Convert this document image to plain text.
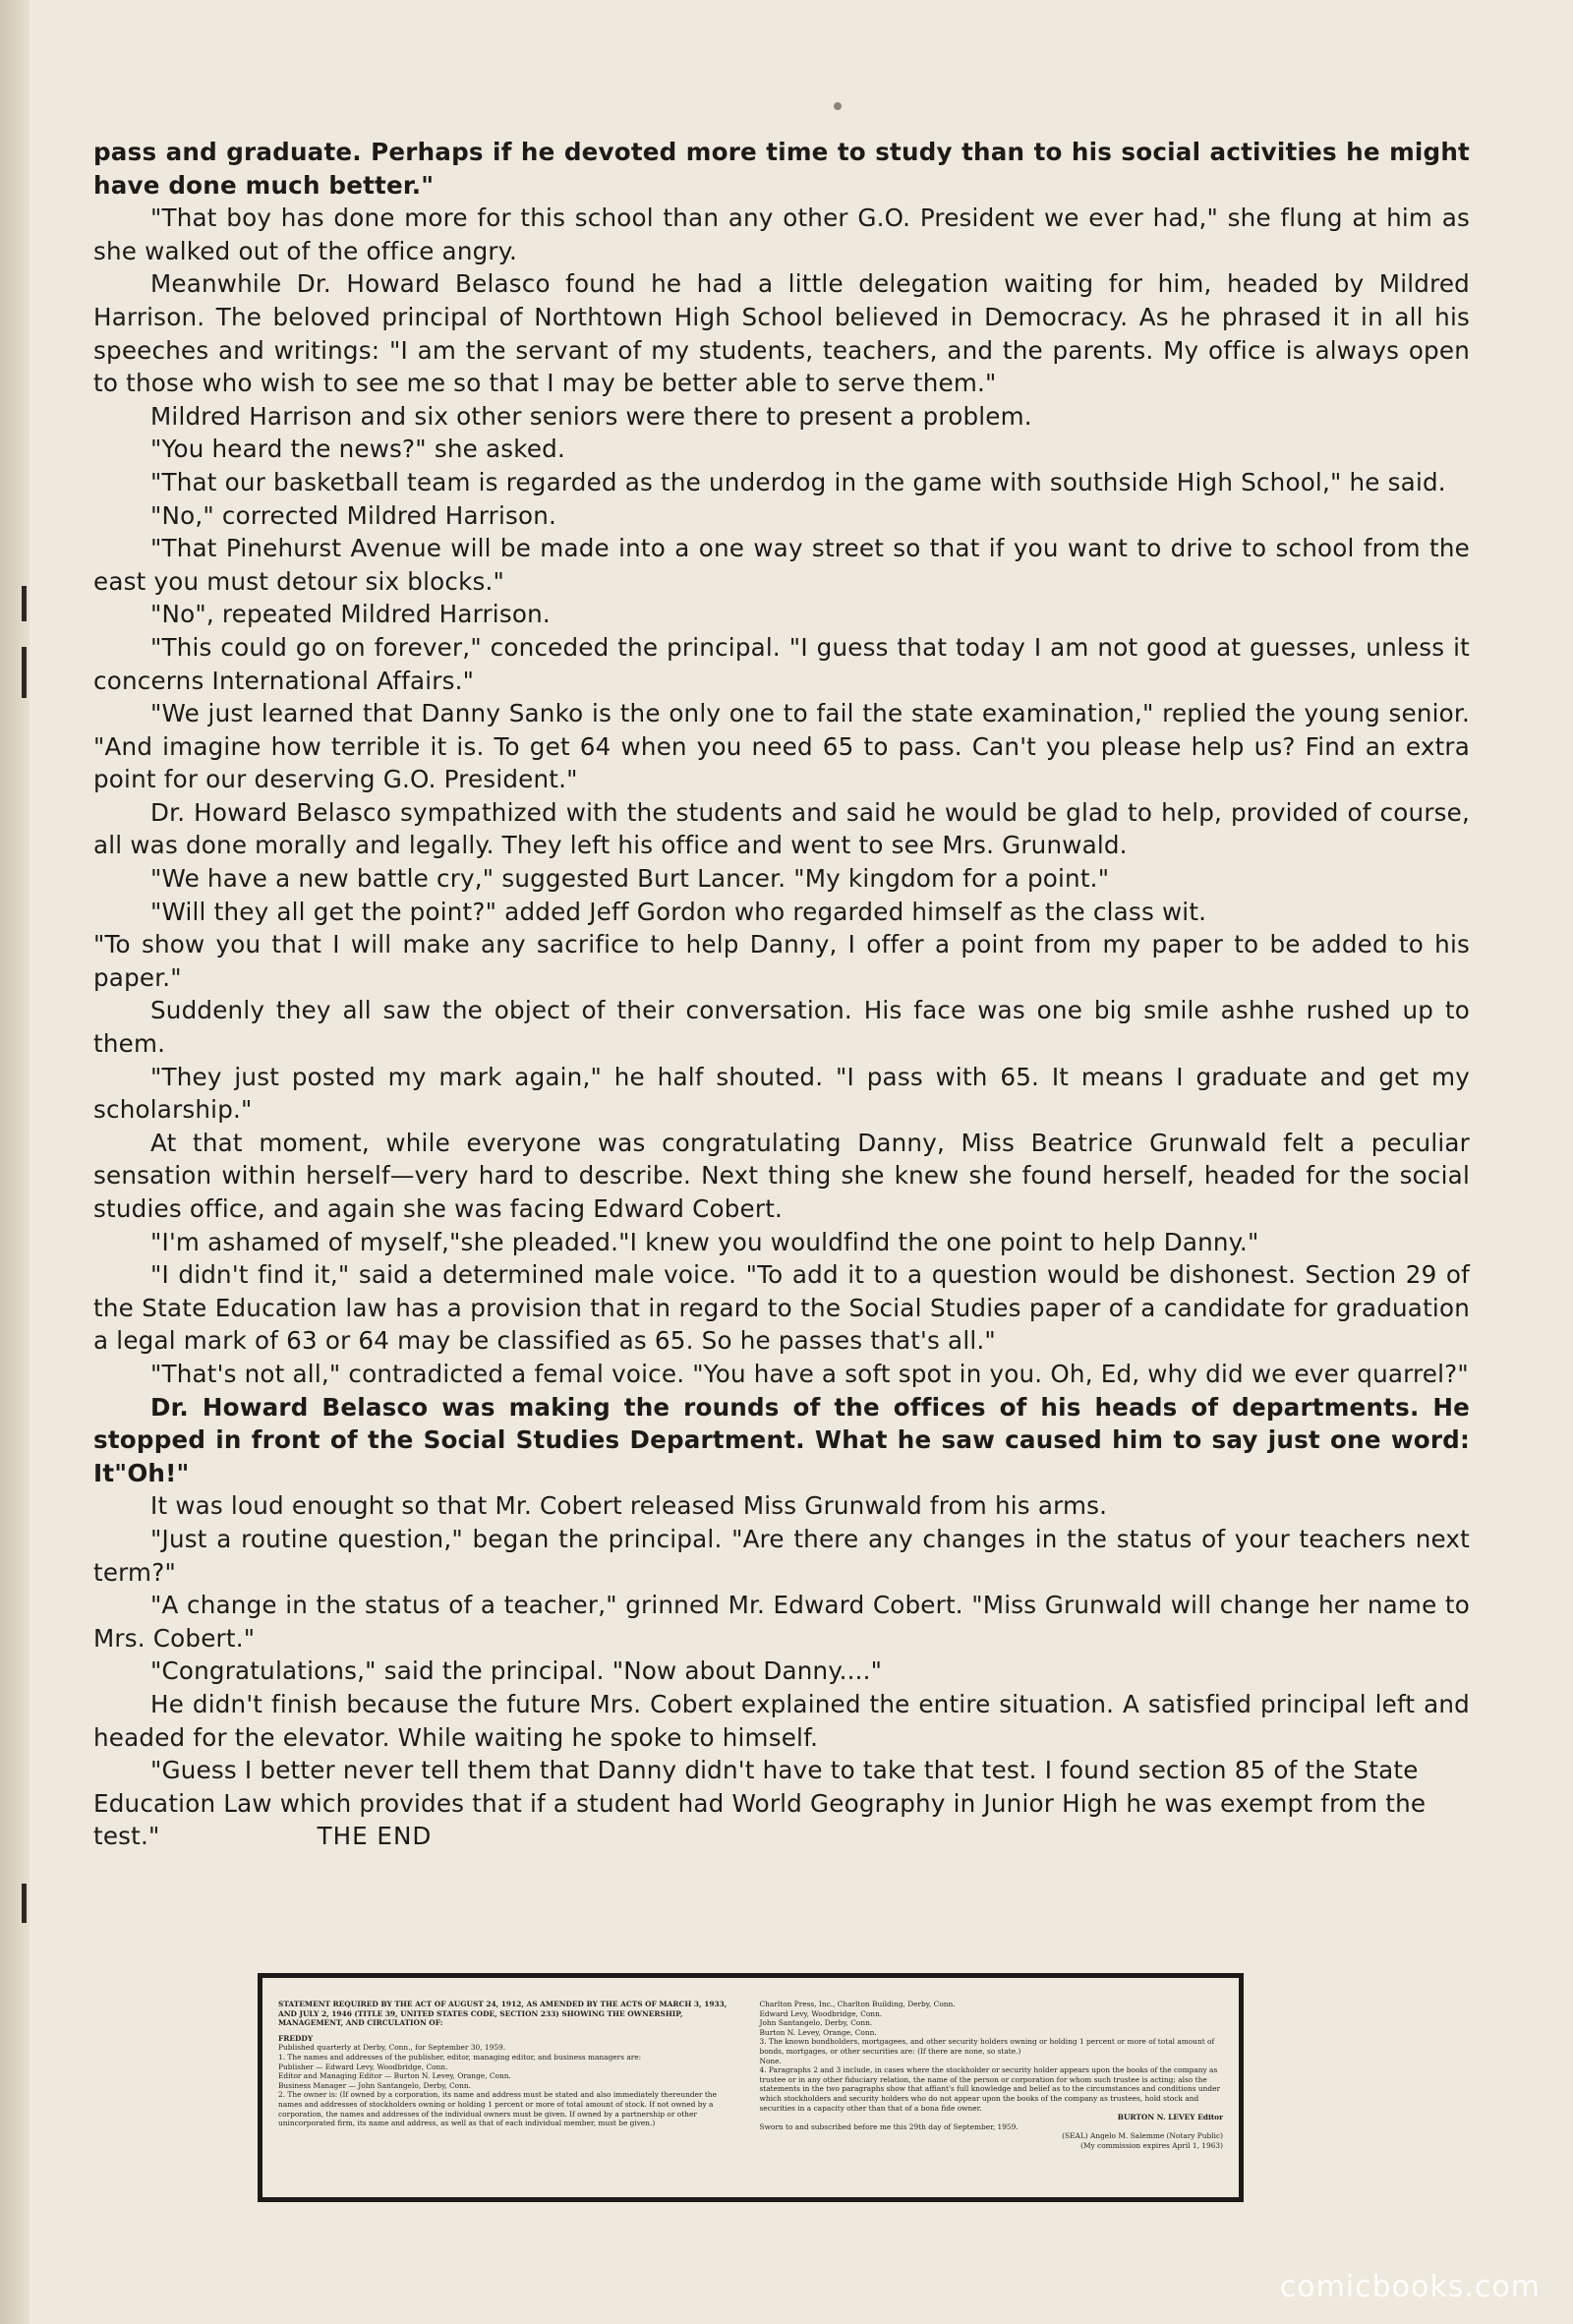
pass and graduate. Perhaps if he devoted more time to study than to his social activities he might have done much better."

"That boy has done more for this school than any other G.O. President we ever had," she flung at him as she walked out of the office angry.

Meanwhile Dr. Howard Belasco found he had a little delegation waiting for him, headed by Mildred Harrison. The beloved principal of Northtown High School believed in Democracy. As he phrased it in all his speeches and writings: "I am the servant of my students, teachers, and the parents. My office is always open to those who wish to see me so that I may be better able to serve them."

Mildred Harrison and six other seniors were there to present a problem.

"You heard the news?" she asked.

"That our basketball team is regarded as the underdog in the game with southside High School," he said.

"No," corrected Mildred Harrison.

"That Pinehurst Avenue will be made into a one way street so that if you want to drive to school from the east you must detour six blocks."

"No", repeated Mildred Harrison.

"This could go on forever," conceded the principal. "I guess that today I am not good at guesses, unless it concerns International Affairs."

"We just learned that Danny Sanko is the only one to fail the state examination," replied the young senior. "And imagine how terrible it is. To get 64 when you need 65 to pass. Can't you please help us? Find an extra point for our deserving G.O. President."

Dr. Howard Belasco sympathized with the students and said he would be glad to help, provided of course, all was done morally and legally. They left his office and went to see Mrs. Grunwald.

"We have a new battle cry," suggested Burt Lancer. "My kingdom for a point."

"Will they all get the point?" added Jeff Gordon who regarded himself as the class wit.

"To show you that I will make any sacrifice to help Danny, I offer a point from my paper to be added to his paper."

Suddenly they all saw the object of their conversation. His face was one big smile ashhe rushed up to them.

"They just posted my mark again," he half shouted. "I pass with 65. It means I graduate and get my scholarship."

At that moment, while everyone was congratulating Danny, Miss Beatrice Grunwald felt a peculiar sensation within herself—very hard to describe. Next thing she knew she found herself, headed for the social studies office, and again she was facing Edward Cobert.

"I'm ashamed of myself,"she pleaded."I knew you wouldfind the one point to help Danny."

"I didn't find it," said a determined male voice. "To add it to a question would be dishonest. Section 29 of the State Education law has a provision that in regard to the Social Studies paper of a candidate for graduation a legal mark of 63 or 64 may be classified as 65. So he passes that's all."

"That's not all," contradicted a femal voice. "You have a soft spot in you. Oh, Ed, why did we ever quarrel?"

Dr. Howard Belasco was making the rounds of the offices of his heads of departments. He stopped in front of the Social Studies Department. What he saw caused him to say just one word: It"Oh!"

It was loud enought so that Mr. Cobert released Miss Grunwald from his arms.

"Just a routine question," began the principal. "Are there any changes in the status of your teachers next term?"

"A change in the status of a teacher," grinned Mr. Edward Cobert. "Miss Grunwald will change her name to Mrs. Cobert."

"Congratulations," said the principal. "Now about Danny...."

He didn't finish because the future Mrs. Cobert explained the entire situation. A satisfied principal left and headed for the elevator. While waiting he spoke to himself.

"Guess I better never tell them that Danny didn't have to take that test. I found section 85 of the State Education Law which provides that if a student had World Geography in Junior High he was exempt from the test."	THE END

STATEMENT REQUIRED BY THE ACT OF AUGUST 24, 1912, AS AMENDED BY THE ACTS OF MARCH 3, 1933, AND JULY 2, 1946 (TITLE 39, UNITED STATES CODE, SECTION 233) SHOWING THE OWNERSHIP, MANAGEMENT, AND CIRCULATION OF:
FREDDY
Published quarterly at Derby, Conn., for September 30, 1959.
1. The names and addresses of the publisher, editor, managing editor, and business managers are:
Publisher — Edward Levy, Woodbridge, Conn.
Editor and Managing Editor — Burton N. Levey, Orange, Conn.
Business Manager — John Santangelo, Derby, Conn.
2. The owner is: (If owned by a corporation, its name and address must be stated and also immediately thereunder the names and addresses of stockholders owning or holding 1 percent or more of total amount of stock. If not owned by a corporation, the names and addresses of the individual owners must be given. If owned by a partnership or other unincorporated firm, its name and address, as well as that of each individual member, must be given.)
Charlton Press, Inc., Charlton Building, Derby, Conn.
Edward Levy, Woodbridge, Conn.
John Santangelo, Derby, Conn.
Burton N. Levey, Orange, Conn.
3. The known bondholders, mortgagees, and other security holders owning or holding 1 percent or more of total amount of bonds, mortgages, or other securities are: (If there are none, so state.)
None.
4. Paragraphs 2 and 3 include, in cases where the stockholder or security holder appears upon the books of the company as trustee or in any other fiduciary relation, the name of the person or corporation for whom such trustee is acting; also the statements in the two paragraphs show that affiant's full knowledge and belief as to the circumstances and conditions under which stockholders and security holders who do not appear upon the books of the company as trustees, hold stock and securities in a capacity other than that of a bona fide owner.
BURTON N. LEVEY Editor
Sworn to and subscribed before me this 29th day of September, 1959.
(SEAL) Angelo M. Salemme (Notary Public)
(My commission expires April 1, 1963)
comicbooks.com
